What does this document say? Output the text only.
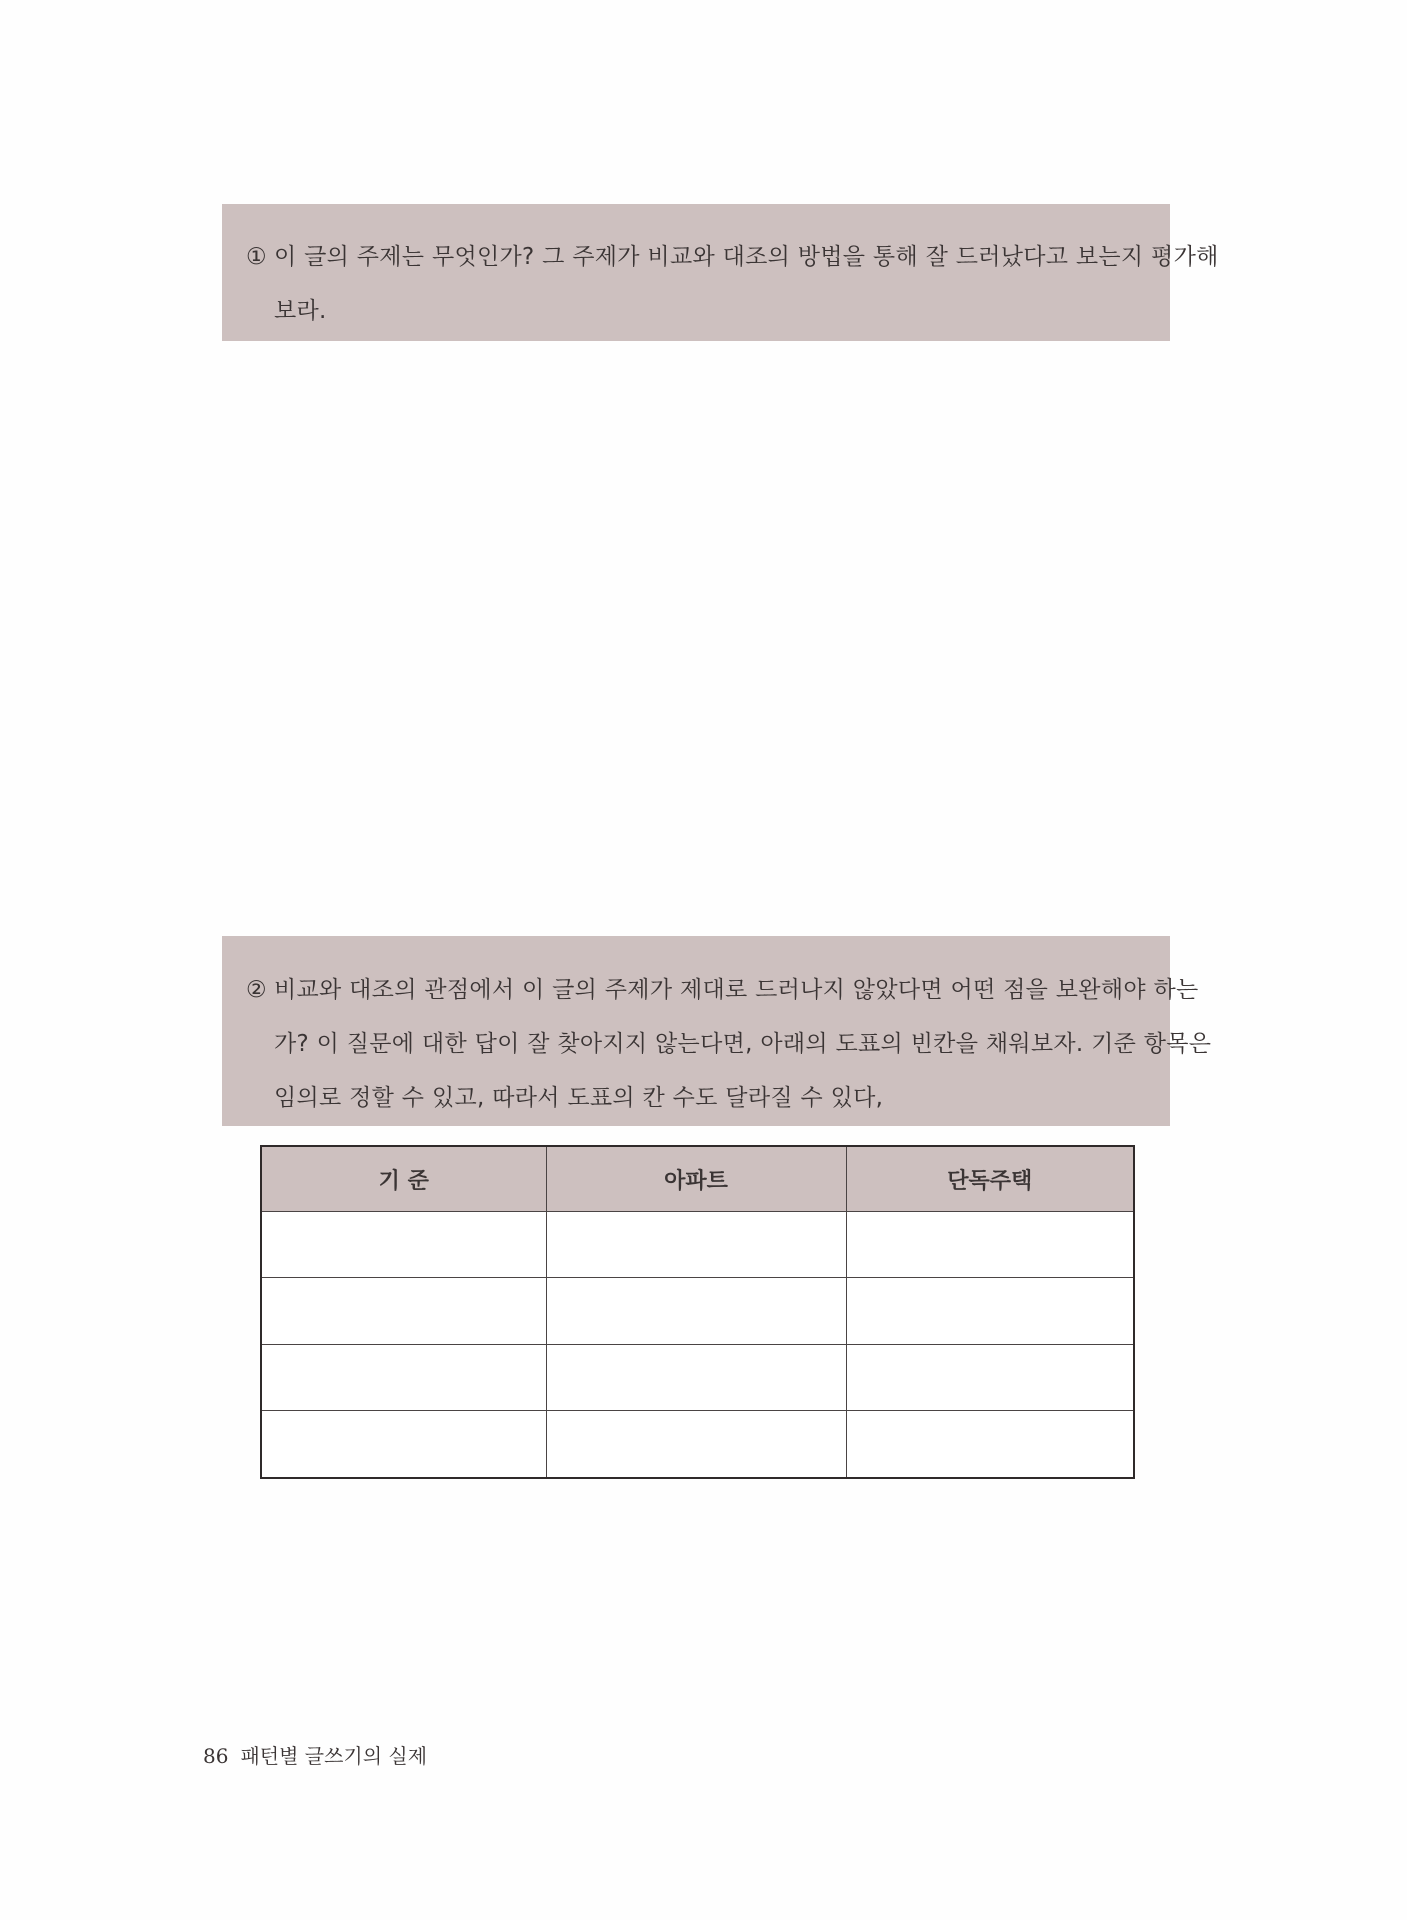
① 이 글의 주제는 무엇인가? 그 주제가 비교와 대조의 방법을 통해 잘 드러났다고 보는지 평가해
보라.
② 비교와 대조의 관점에서 이 글의 주제가 제대로 드러나지 않았다면 어떤 점을 보완해야 하는
가? 이 질문에 대한 답이 잘 찾아지지 않는다면, 아래의 도표의 빈칸을 채워보자. 기준 항목은
임의로 정할 수 있고, 따라서 도표의 칸 수도 달라질 수 있다,
기 준	아파트	단독주택

86 패턴별 글쓰기의 실제
